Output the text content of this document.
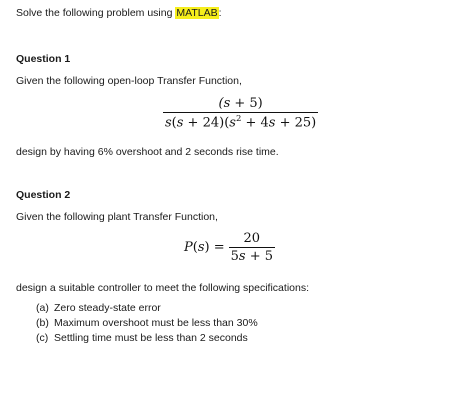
Solve the following problem using MATLAB:
Question 1
Given the following open-loop Transfer Function,
$\frac{(s + 5)}{s(s + 24)(s^2 + 4s + 25)}$
design by having 6% overshoot and 2 seconds rise time.
Question 2
Given the following plant Transfer Function,
$P(s) = \frac{20}{5s + 5}$
design a suitable controller to meet the following specifications:
(a) Zero steady-state error
(b) Maximum overshoot must be less than 30%
(c) Settling time must be less than 2 seconds
